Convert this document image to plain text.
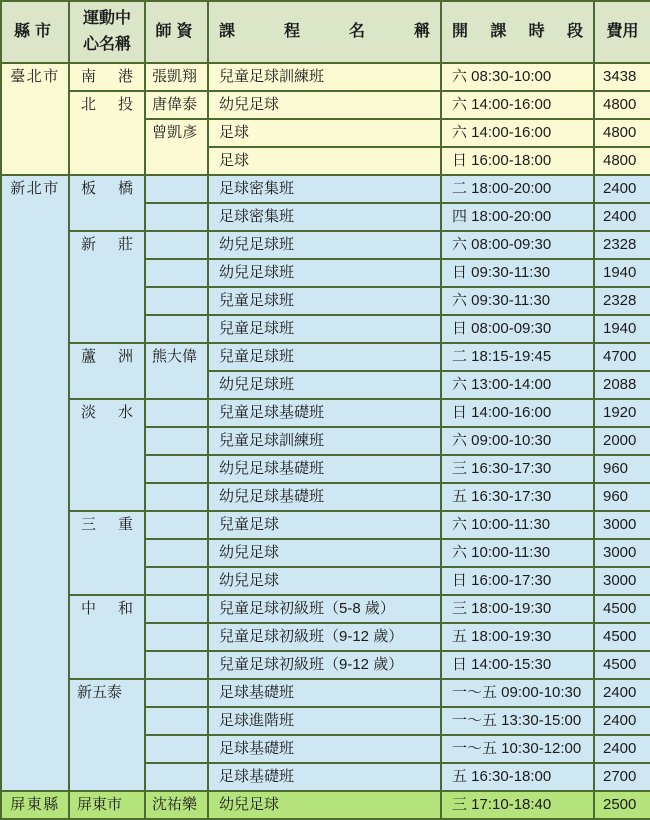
縣市	運動中心名稱	師資	課 程 名 稱	開 課 時 段	費用
臺北市	南 港	張凱翔	兒童足球訓練班	六 08:30-10:00	3438

	北 投	唐偉泰	幼兒足球	六 14:00-16:00	4800
		曾凱彥	足球	六 14:00-16:00	4800
			足球	日 16:00-18:00	4800
新北市	板 橋		足球密集班	二 18:00-20:00	2400
			足球密集班	四 18:00-20:00	2400

	新 莊		幼兒足球班	六 08:00-09:30	2328
			幼兒足球班	日 09:30-11:30	1940
			兒童足球班	六 09:30-11:30	2328
			兒童足球班	日 08:00-09:30	1940

	蘆 洲	熊大偉	兒童足球班	二 18:15-19:45	4700
			幼兒足球班	六 13:00-14:00	2088

	淡 水		兒童足球基礎班	日 14:00-16:00	1920
			兒童足球訓練班	六 09:00-10:30	2000
			幼兒足球基礎班	三 16:30-17:30	960
			幼兒足球基礎班	五 16:30-17:30	960

	三 重		兒童足球	六 10:00-11:30	3000
			幼兒足球	六 10:00-11:30	3000
			幼兒足球	日 16:00-17:30	3000

	中 和		兒童足球初級班（5-8 歲）	三 18:00-19:30	4500
			兒童足球初級班（9-12 歲）	五 18:00-19:30	4500
			兒童足球初級班（9-12 歲）	日 14:00-15:30	4500
	新五泰		足球基礎班	一～五 09:00-10:30	2400
			足球進階班	一～五 13:30-15:00	2400
			足球基礎班	一～五 10:30-12:00	2400
			足球基礎班	五 16:30-18:00	2700
屏東縣	屏東市	沈祐樂	幼兒足球	三 17:10-18:40	2500
